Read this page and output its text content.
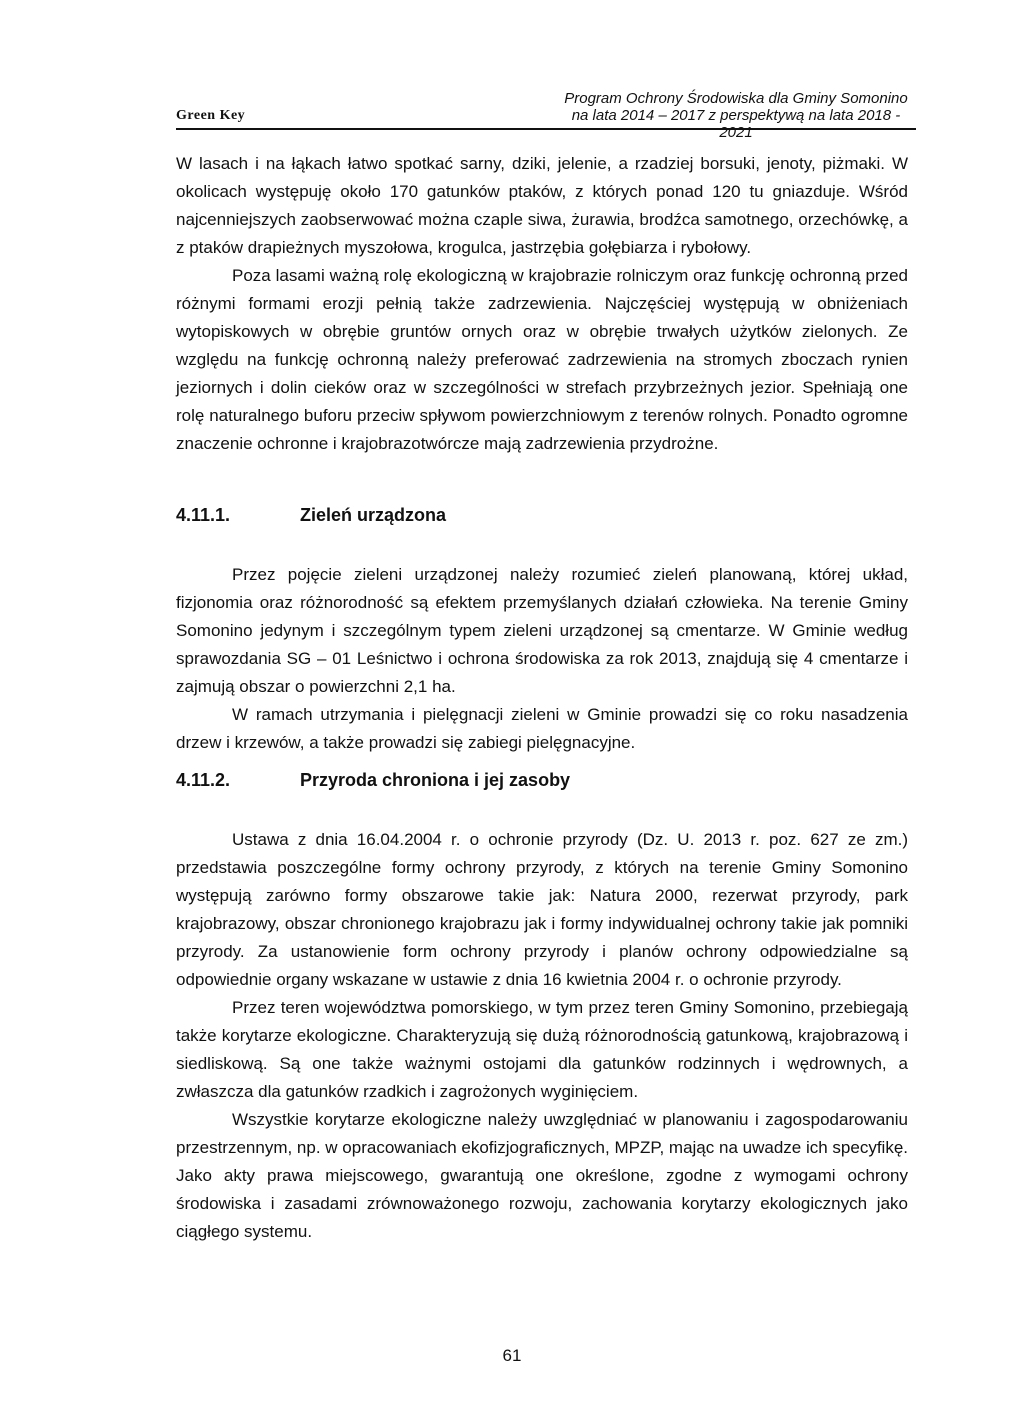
Green Key
Program Ochrony Środowiska dla Gminy Somonino
na lata 2014 – 2017 z perspektywą na lata 2018 - 2021

W lasach i na łąkach łatwo spotkać sarny, dziki, jelenie, a rzadziej borsuki, jenoty, piżmaki. W okolicach występuję około 170 gatunków ptaków, z których ponad 120 tu gniazduje. Wśród najcenniejszych zaobserwować można czaple siwa, żurawia, brodźca samotnego, orzechówkę, a z ptaków drapieżnych myszołowa, krogulca, jastrzębia gołębiarza i rybołowy.

Poza lasami ważną rolę ekologiczną w krajobrazie rolniczym oraz funkcję ochronną przed różnymi formami erozji pełnią także zadrzewienia. Najczęściej występują w obniżeniach wytopiskowych w obrębie gruntów ornych oraz w obrębie trwałych użytków zielonych. Ze względu na funkcję ochronną należy preferować zadrzewienia na stromych zboczach rynien jeziornych i dolin cieków oraz w szczególności w strefach przybrzeżnych jezior. Spełniają one rolę naturalnego buforu przeciw spływom powierzchniowym z terenów rolnych. Ponadto ogromne znaczenie ochronne i krajobrazotwórcze mają zadrzewienia przydrożne.

4.11.1.	Zieleń urządzona

Przez pojęcie zieleni urządzonej należy rozumieć zieleń planowaną, której układ, fizjonomia oraz różnorodność są efektem przemyślanych działań człowieka. Na terenie Gminy Somonino jedynym i szczególnym typem zieleni urządzonej są cmentarze. W Gminie według sprawozdania SG – 01 Leśnictwo i ochrona środowiska za rok 2013, znajdują się 4 cmentarze i zajmują obszar o powierzchni 2,1 ha.

W ramach utrzymania i pielęgnacji zieleni w Gminie prowadzi się co roku nasadzenia drzew i krzewów, a także prowadzi się zabiegi pielęgnacyjne.

4.11.2.	Przyroda chroniona i jej zasoby

Ustawa z dnia 16.04.2004 r. o ochronie przyrody (Dz. U. 2013 r. poz. 627 ze zm.) przedstawia poszczególne formy ochrony przyrody, z których na terenie Gminy Somonino występują zarówno formy obszarowe takie jak: Natura 2000, rezerwat przyrody, park krajobrazowy, obszar chronionego krajobrazu jak i formy indywidualnej ochrony takie jak pomniki przyrody. Za ustanowienie form ochrony przyrody i planów ochrony odpowiedzialne są odpowiednie organy wskazane w ustawie z dnia 16 kwietnia 2004 r. o ochronie przyrody.

Przez teren województwa pomorskiego, w tym przez teren Gminy Somonino, przebiegają także korytarze ekologiczne. Charakteryzują się dużą różnorodnością gatunkową, krajobrazową i siedliskową. Są one także ważnymi ostojami dla gatunków rodzinnych i wędrownych, a zwłaszcza dla gatunków rzadkich i zagrożonych wyginięciem.

Wszystkie korytarze ekologiczne należy uwzględniać w planowaniu i zagospodarowaniu przestrzennym, np. w opracowaniach ekofizjograficznych, MPZP, mając na uwadze ich specyfikę. Jako akty prawa miejscowego, gwarantują one określone, zgodne z wymogami ochrony środowiska i zasadami zrównoważonego rozwoju, zachowania korytarzy ekologicznych jako ciągłego systemu.

61
